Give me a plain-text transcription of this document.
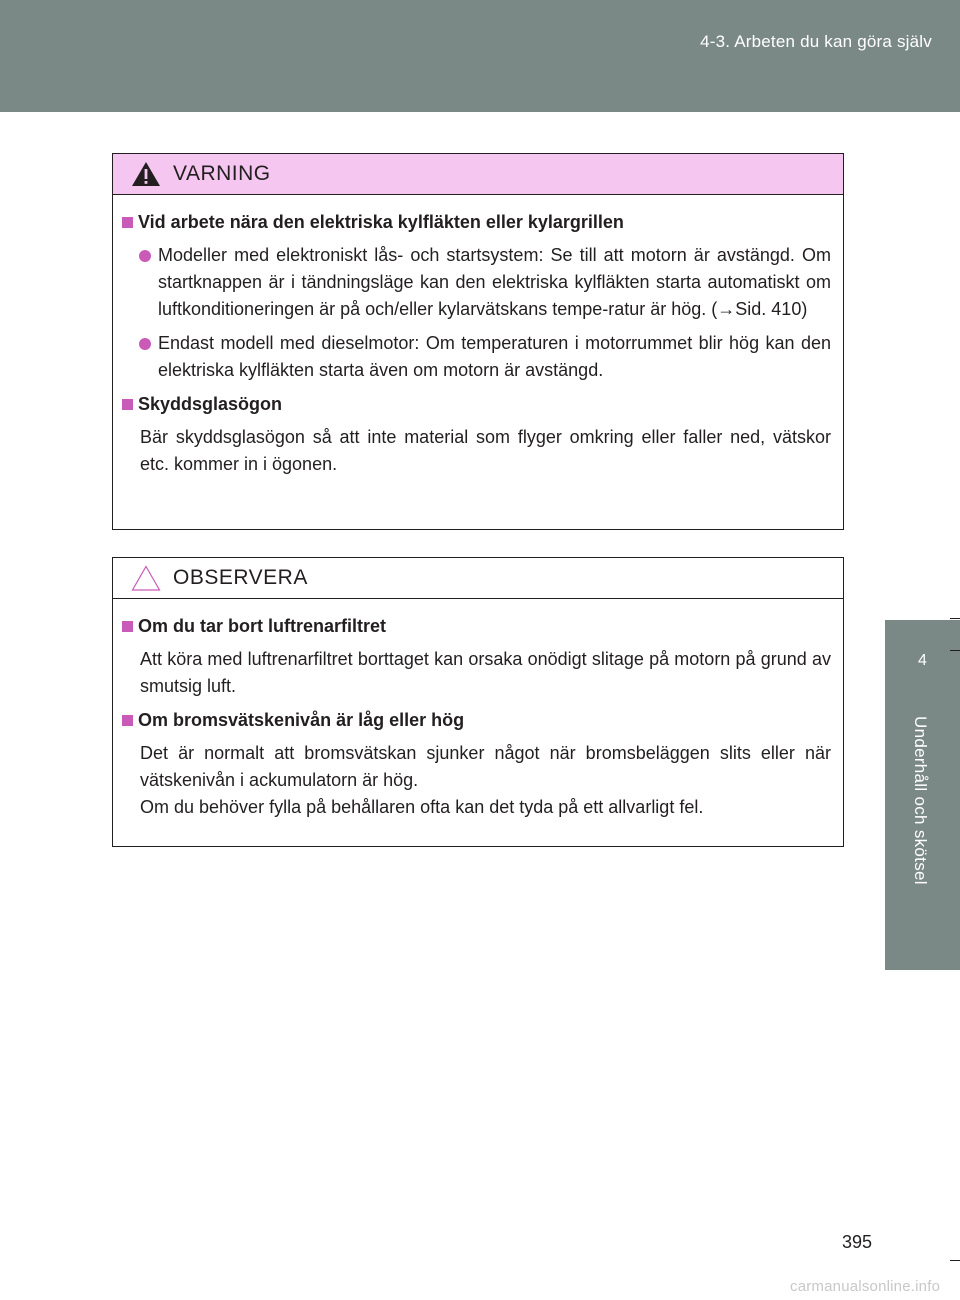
4-3. Arbeten du kan göra själv
4
Underhåll och skötsel
VARNING
Vid arbete nära den elektriska kylfläkten eller kylargrillen
Modeller med elektroniskt lås- och startsystem: Se till att motorn är avstängd. Om startknappen är i tändningsläge kan den elektriska kylfläkten starta automatiskt om luftkonditioneringen är på och/eller kylarvätskans tempe-ratur är hög. (→Sid. 410)
Endast modell med dieselmotor: Om temperaturen i motorrummet blir hög kan den elektriska kylfläkten starta även om motorn är avstängd.
Skyddsglasögon
Bär skyddsglasögon så att inte material som flyger omkring eller faller ned, vätskor etc. kommer in i ögonen.
OBSERVERA
Om du tar bort luftrenarfiltret
Att köra med luftrenarfiltret borttaget kan orsaka onödigt slitage på motorn på grund av smutsig luft.
Om bromsvätskenivån är låg eller hög
Det är normalt att bromsvätskan sjunker något när bromsbeläggen slits eller när vätskenivån i ackumulatorn är hög.
Om du behöver fylla på behållaren ofta kan det tyda på ett allvarligt fel.
395
carmanualsonline.info
